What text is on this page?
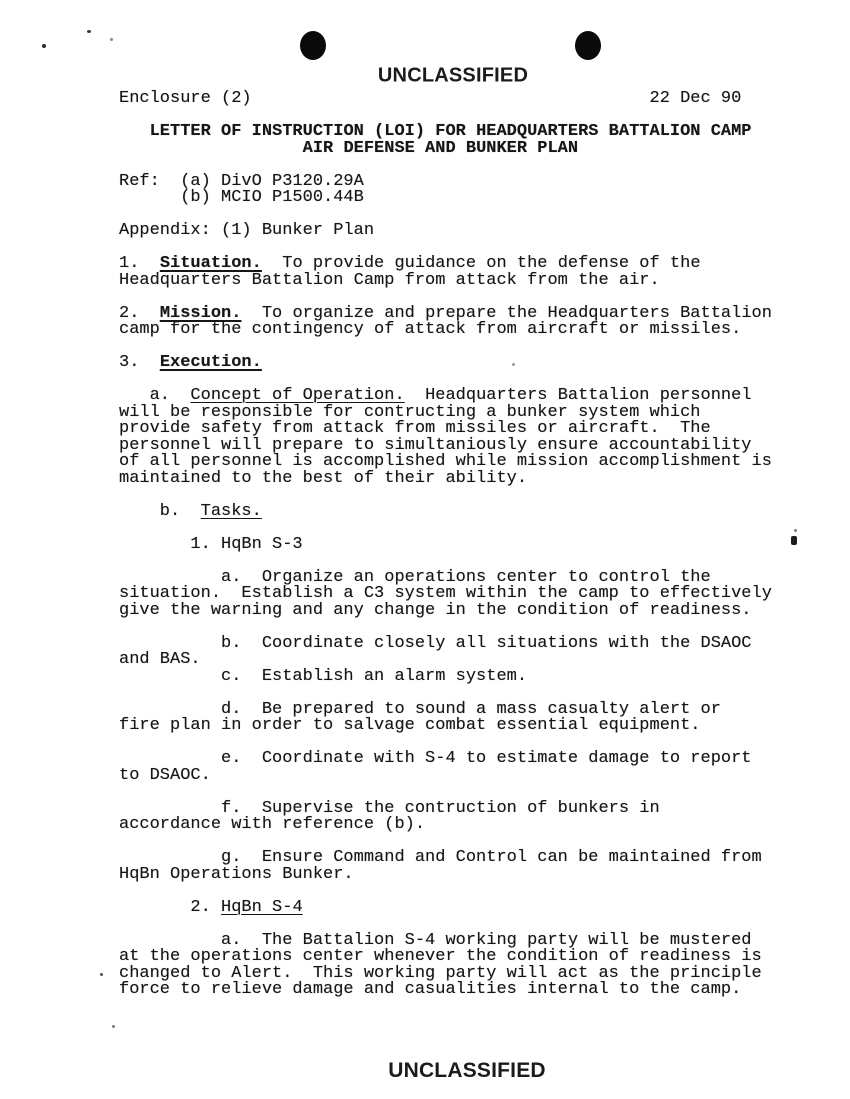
UNCLASSIFIED
Enclosure (2)                                       22 Dec 90

LETTER OF INSTRUCTION (LOI) FOR HEADQUARTERS BATTALION CAMP
AIR DEFENSE AND BUNKER PLAN

Ref:  (a) DivO P3120.29A
(b) MCIO P1500.44B

Appendix: (1) Bunker Plan

1.  Situation.  To provide guidance on the defense of the
Headquarters Battalion Camp from attack from the air.

2.  Mission.  To organize and prepare the Headquarters Battalion
camp for the contingency of attack from aircraft or missiles.

3.  Execution.

a.  Concept of Operation.  Headquarters Battalion personnel
will be responsible for contructing a bunker system which
provide safety from attack from missiles or aircraft.  The
personnel will prepare to simultaniously ensure accountability
of all personnel is accomplished while mission accomplishment is
maintained to the best of their ability.

b.  Tasks.

1. HqBn S-3

a.  Organize an operations center to control the
situation.  Establish a C3 system within the camp to effectively
give the warning and any change in the condition of readiness.

b.  Coordinate closely all situations with the DSAOC
and BAS.
c.  Establish an alarm system.

d.  Be prepared to sound a mass casualty alert or
fire plan in order to salvage combat essential equipment.

e.  Coordinate with S-4 to estimate damage to report
to DSAOC.

f.  Supervise the contruction of bunkers in
accordance with reference (b).

g.  Ensure Command and Control can be maintained from
HqBn Operations Bunker.

2. HqBn S-4

a.  The Battalion S-4 working party will be mustered
at the operations center whenever the condition of readiness is
changed to Alert.  This working party will act as the principle
force to relieve damage and casualities internal to the camp.
UNCLASSIFIED
